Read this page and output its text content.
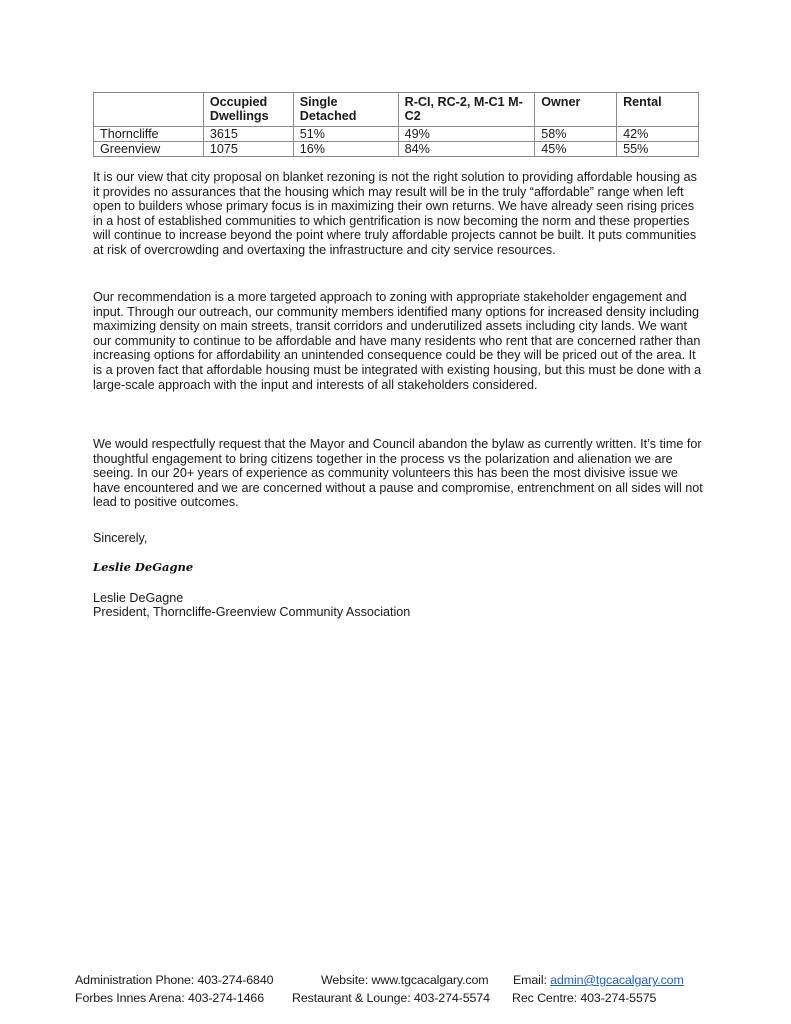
	Occupied Dwellings	Single Detached	R-CI, RC-2, M-C1 M-C2	Owner	Rental
Thorncliffe	3615	51%	49%	58%	42%
Greenview	1075	16%	84%	45%	55%

It is our view that city proposal on blanket rezoning is not the right solution to providing affordable housing as it provides no assurances that the housing which may result will be in the truly “affordable” range when left open to builders whose primary focus is in maximizing their own returns. We have already seen rising prices in a host of established communities to which gentrification is now becoming the norm and these properties will continue to increase beyond the point where truly affordable projects cannot be built. It puts communities at risk of overcrowding and overtaxing the infrastructure and city service resources.

Our recommendation is a more targeted approach to zoning with appropriate stakeholder engagement and input. Through our outreach, our community members identified many options for increased density including maximizing density on main streets, transit corridors and underutilized assets including city lands. We want our community to continue to be affordable and have many residents who rent that are concerned rather than increasing options for affordability an unintended consequence could be they will be priced out of the area. It is a proven fact that affordable housing must be integrated with existing housing, but this must be done with a large-scale approach with the input and interests of all stakeholders considered.

We would respectfully request that the Mayor and Council abandon the bylaw as currently written. It’s time for thoughtful engagement to bring citizens together in the process vs the polarization and alienation we are seeing. In our 20+ years of experience as community volunteers this has been the most divisive issue we have encountered and we are concerned without a pause and compromise, entrenchment on all sides will not lead to positive outcomes.

Sincerely,

Leslie DeGagne

Leslie DeGagne

President, Thorncliffe-Greenview Community Association

Administration Phone: 403-274-6840	Website: www.tgcacalgary.com Email: admin@tgcacalgary.com
Forbes Innes Arena: 403-274-1466 Restaurant & Lounge: 403-274-5574 Rec Centre: 403-274-5575
